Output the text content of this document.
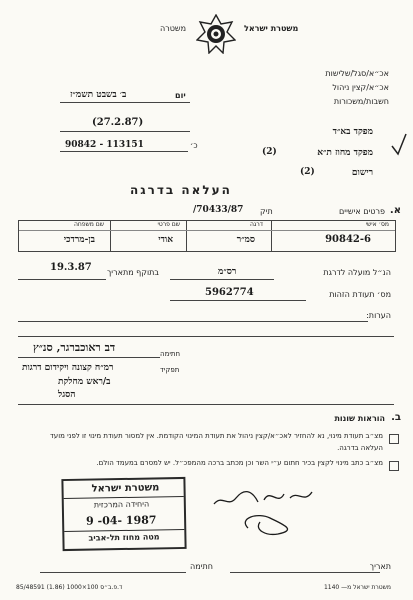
משטרת ישראל
משטרה
אכ״א/סגל/שלישות
אכ״א/קצין ניהול
חשבות/משכורות
יום
ב׳ בשבט תשמ״ז
(27.2.87)
כ׳
113151 - 90842
מפקד בא״ד
מפקד מחוז ת״א
(2)
רישום
(2)
העלאה בדרגה
א.
פרטים אישיים
תיק
70433/87/
מס׳ אישי
דרגה
שם פרטי
שם משפחה
90842-6
סמ״ר
אודי
בן-מרדכי
הנ״ל מועלה לדרגת
רס״מ
בתוקף מתאריך
19.3.87
מס׳ תעודת הזהות
5962774
הערות:
חתימה
דב ראוכברגר, סנ״ץ
תפקיד
רמ״ח קצונה ויקידום דרגות
ב/ראש מחלקת
הסגל
ב.
הוראות שונות
מצ״ב תעודת מינוי, נא להחזיר לאכ״א/קצין ניהול את תעודת המינוי הקודמת. אין למסור תעודת מינוי זו לפני מועד העלאה בדרגה.
מצ״ב כתב מינוי לקצין בכיר חתום ע״י השר וכן מכתב ברכה מהמפכ״ל. יש למסרם במעמד הולם.
משטרת ישראל
היחידה המרכזית
9 -04- 1987
מטה מחוז תל-אביב
תאריך
חתימה
85/48591 (1.86) 1000×100 ד.פ.ב״ס	משטרת ישראל מ— 1140
